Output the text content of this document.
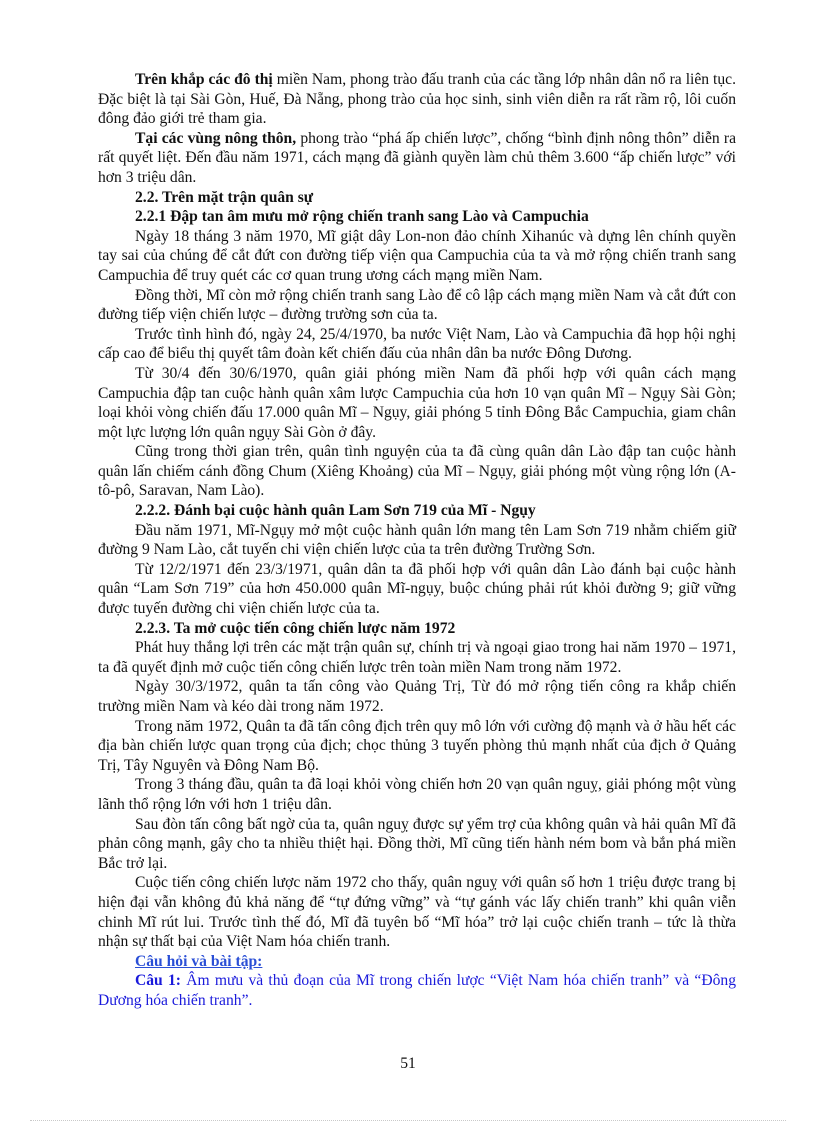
Trên khắp các đô thị miền Nam, phong trào đấu tranh của các tầng lớp nhân dân nổ ra liên tục. Đặc biệt là tại Sài Gòn, Huế, Đà Nẵng, phong trào của học sinh, sinh viên diễn ra rất rầm rộ, lôi cuốn đông đảo giới trẻ tham gia.

Tại các vùng nông thôn, phong trào “phá ấp chiến lược”, chống “bình định nông thôn” diễn ra rất quyết liệt. Đến đầu năm 1971, cách mạng đã giành quyền làm chủ thêm 3.600 “ấp chiến lược” với hơn 3 triệu dân.

2.2. Trên mặt trận quân sự

2.2.1 Đập tan âm mưu mở rộng chiến tranh sang Lào và Campuchia

Ngày 18 tháng 3 năm 1970, Mĩ giật dây Lon-non đảo chính Xihanúc và dựng lên chính quyền tay sai của chúng để cắt đứt con đường tiếp viện qua Campuchia của ta và mở rộng chiến tranh sang Campuchia để truy quét các cơ quan trung ương cách mạng miền Nam.

Đồng thời, Mĩ còn mở rộng chiến tranh sang Lào để cô lập cách mạng miền Nam và cắt đứt con đường tiếp viện chiến lược – đường trường sơn của ta.

Trước tình hình đó, ngày 24, 25/4/1970, ba nước Việt Nam, Lào và Campuchia đã họp hội nghị cấp cao để biểu thị quyết tâm đoàn kết chiến đấu của nhân dân ba nước Đông Dương.

Từ 30/4 đến 30/6/1970, quân giải phóng miền Nam đã phối hợp với quân cách mạng Campuchia đập tan cuộc hành quân xâm lược Campuchia của hơn 10 vạn quân Mĩ – Ngụy Sài Gòn; loại khỏi vòng chiến đấu 17.000 quân Mĩ – Ngụy, giải phóng 5 tỉnh Đông Bắc Campuchia, giam chân một lực lượng lớn quân ngụy Sài Gòn ở đây.

Cũng trong thời gian trên, quân tình nguyện của ta đã cùng quân dân Lào đập tan cuộc hành quân lấn chiếm cánh đồng Chum (Xiêng Khoảng) của Mĩ – Ngụy, giải phóng một vùng rộng lớn (A-tô-pô, Saravan, Nam Lào).

2.2.2. Đánh bại cuộc hành quân Lam Sơn 719 của Mĩ - Ngụy

Đầu năm 1971, Mĩ-Ngụy mở một cuộc hành quân lớn mang tên Lam Sơn 719 nhằm chiếm giữ đường 9 Nam Lào, cắt tuyến chi viện chiến lược của ta trên đường Trường Sơn.

Từ 12/2/1971 đến 23/3/1971, quân dân ta đã phối hợp với quân dân Lào đánh bại cuộc hành quân “Lam Sơn 719” của hơn 450.000 quân Mĩ-ngụy, buộc chúng phải rút khỏi đường 9; giữ vững được tuyến đường chi viện chiến lược của ta.

2.2.3. Ta mở cuộc tiến công chiến lược năm 1972

Phát huy thắng lợi trên các mặt trận quân sự, chính trị và ngoại giao trong hai năm 1970 – 1971, ta đã quyết định mở cuộc tiến công chiến lược trên toàn miền Nam trong năm 1972.

Ngày 30/3/1972, quân ta tấn công vào Quảng Trị, Từ đó mở rộng tiến công ra khắp chiến trường miền Nam và kéo dài trong năm 1972.

Trong năm 1972, Quân ta đã tấn công địch trên quy mô lớn với cường độ mạnh và ở hầu hết các địa bàn chiến lược quan trọng của địch; chọc thủng 3 tuyến phòng thủ mạnh nhất của địch ở Quảng Trị, Tây Nguyên và Đông Nam Bộ.

Trong 3 tháng đầu, quân ta đã loại khỏi vòng chiến hơn 20 vạn quân nguỵ, giải phóng một vùng lãnh thổ rộng lớn với hơn 1 triệu dân.

Sau đòn tấn công bất ngờ của ta, quân nguỵ được sự yểm trợ của không quân và hải quân Mĩ đã phản công mạnh, gây cho ta nhiều thiệt hại. Đồng thời, Mĩ cũng tiến hành ném bom và bắn phá miền Bắc trở lại.

Cuộc tiến công chiến lược năm 1972 cho thấy, quân nguỵ với quân số hơn 1 triệu được trang bị hiện đại vẫn không đủ khả năng để “tự đứng vững” và “tự gánh vác lấy chiến tranh” khi quân viễn chinh Mĩ rút lui. Trước tình thế đó, Mĩ đã tuyên bố “Mĩ hóa” trở lại cuộc chiến tranh – tức là thừa nhận sự thất bại của Việt Nam hóa chiến tranh.

Câu hỏi và bài tập:

Câu 1: Âm mưu và thủ đoạn của Mĩ trong chiến lược “Việt Nam hóa chiến tranh” và “Đông Dương hóa chiến tranh”.

51
